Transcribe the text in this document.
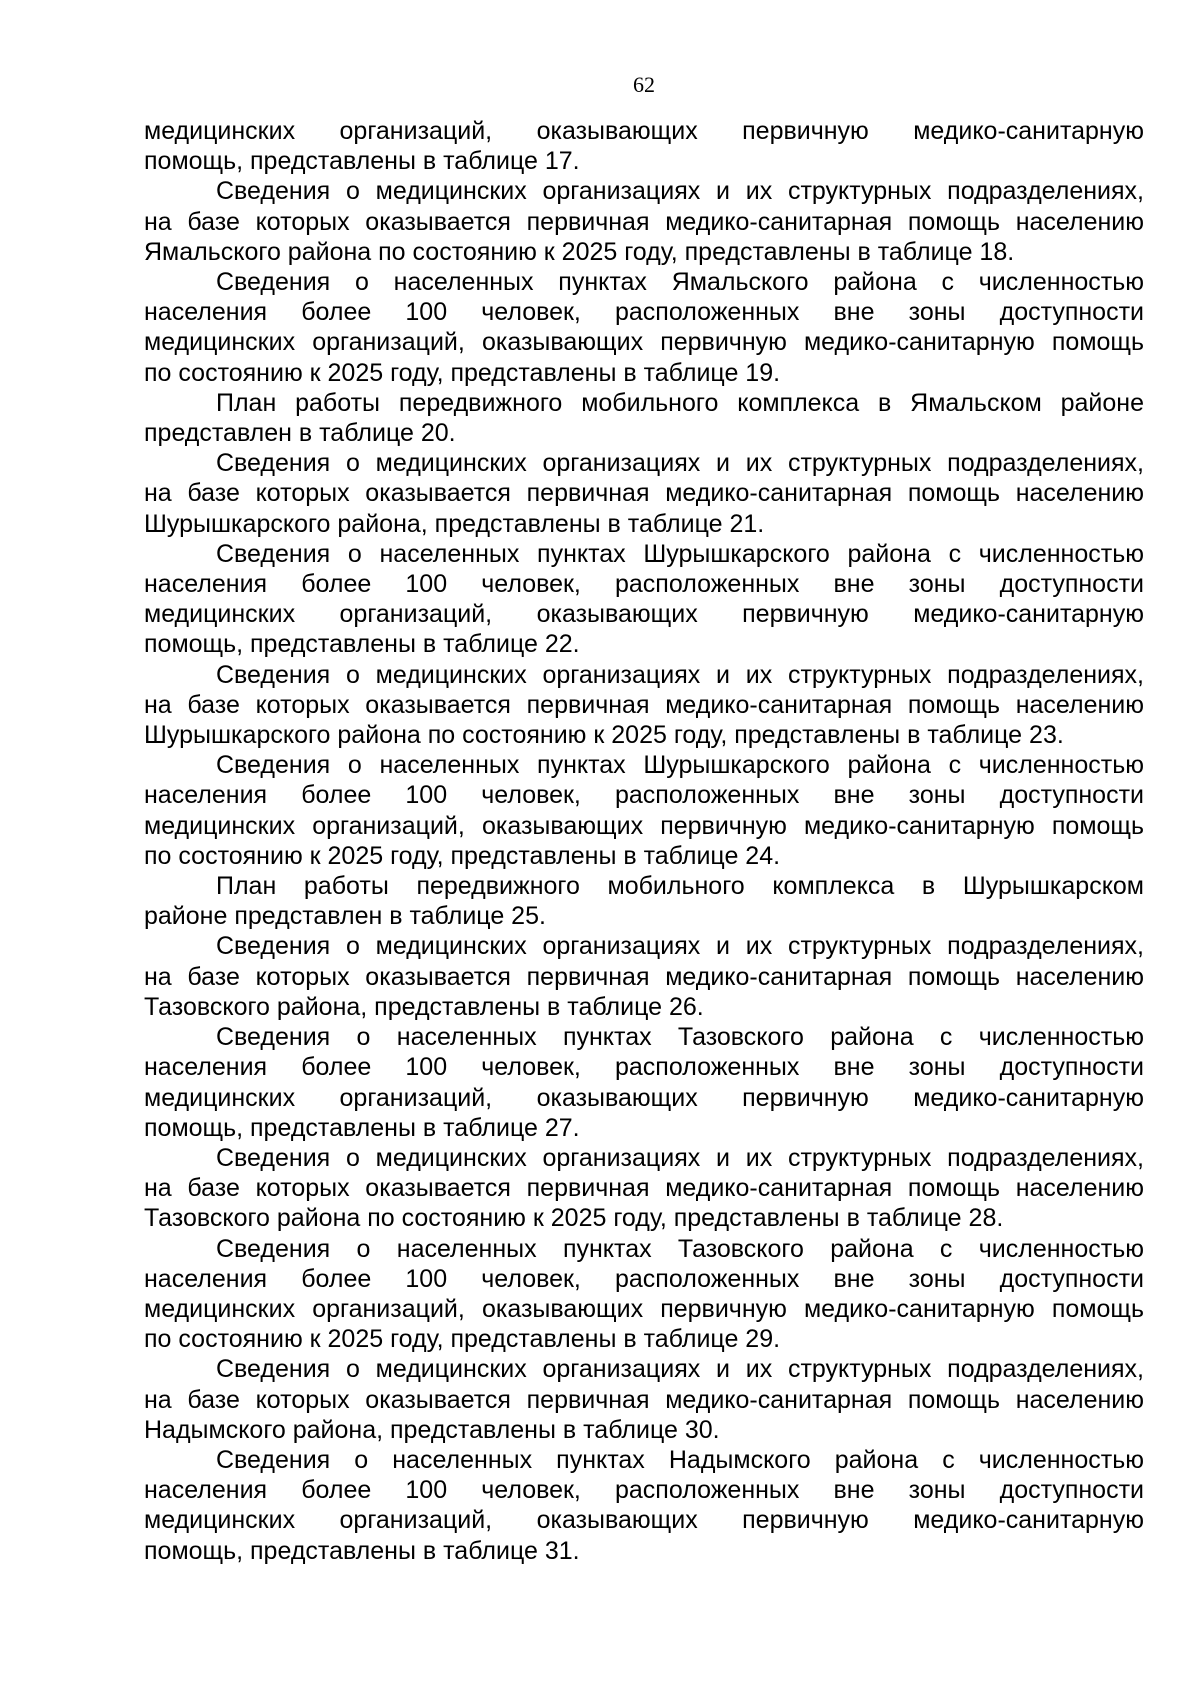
62
медицинских организаций, оказывающих первичную медико-санитарную
помощь, представлены в таблице 17.
Сведения о медицинских организациях и их структурных подразделениях,
на базе которых оказывается первичная медико-санитарная помощь населению
Ямальского района по состоянию к 2025 году, представлены в таблице 18.
Сведения о населенных пунктах Ямальского района с численностью
населения более 100 человек, расположенных вне зоны доступности
медицинских организаций, оказывающих первичную медико-санитарную помощь
по состоянию к 2025 году, представлены в таблице 19.
План работы передвижного мобильного комплекса в Ямальском районе
представлен в таблице 20.
Сведения о медицинских организациях и их структурных подразделениях,
на базе которых оказывается первичная медико-санитарная помощь населению
Шурышкарского района, представлены в таблице 21.
Сведения о населенных пунктах Шурышкарского района с численностью
населения более 100 человек, расположенных вне зоны доступности
медицинских организаций, оказывающих первичную медико-санитарную
помощь, представлены в таблице 22.
Сведения о медицинских организациях и их структурных подразделениях,
на базе которых оказывается первичная медико-санитарная помощь населению
Шурышкарского района по состоянию к 2025 году, представлены в таблице 23.
Сведения о населенных пунктах Шурышкарского района с численностью
населения более 100 человек, расположенных вне зоны доступности
медицинских организаций, оказывающих первичную медико-санитарную помощь
по состоянию к 2025 году, представлены в таблице 24.
План работы передвижного мобильного комплекса в Шурышкарском
районе представлен в таблице 25.
Сведения о медицинских организациях и их структурных подразделениях,
на базе которых оказывается первичная медико-санитарная помощь населению
Тазовского района, представлены в таблице 26.
Сведения о населенных пунктах Тазовского района с численностью
населения более 100 человек, расположенных вне зоны доступности
медицинских организаций, оказывающих первичную медико-санитарную
помощь, представлены в таблице 27.
Сведения о медицинских организациях и их структурных подразделениях,
на базе которых оказывается первичная медико-санитарная помощь населению
Тазовского района по состоянию к 2025 году, представлены в таблице 28.
Сведения о населенных пунктах Тазовского района с численностью
населения более 100 человек, расположенных вне зоны доступности
медицинских организаций, оказывающих первичную медико-санитарную помощь
по состоянию к 2025 году, представлены в таблице 29.
Сведения о медицинских организациях и их структурных подразделениях,
на базе которых оказывается первичная медико-санитарная помощь населению
Надымского района, представлены в таблице 30.
Сведения о населенных пунктах Надымского района с численностью
населения более 100 человек, расположенных вне зоны доступности
медицинских организаций, оказывающих первичную медико-санитарную
помощь, представлены в таблице 31.
